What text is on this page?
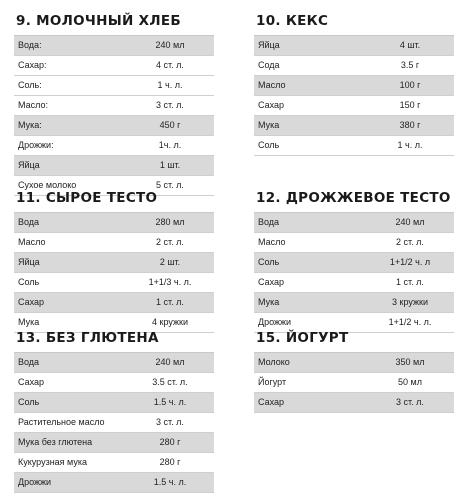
9. МОЛОЧНЫЙ ХЛЕБ
Вода:	240 мл
Сахар:	4 ст. л.
Соль:	1 ч. л.
Масло:	3 ст. л.
Мука:	450 г
Дрожжи:	1ч. л.
Яйца	1 шт.
Сухое молоко	5 ст. л.
10. КЕКС
Яйца	4 шт.
Сода	3.5 г
Масло	100 г
Сахар	150 г
Мука	380 г
Соль	1 ч. л.
11. СЫРОЕ ТЕСТО
Вода	280 мл
Масло	2 ст. л.
Яйца	2 шт.
Соль	1+1/3 ч. л.
Сахар	1 ст. л.
Мука	4 кружки
12. ДРОЖЖЕВОЕ ТЕСТО
Вода	240 мл
Масло	2 ст. л.
Соль	1+1/2 ч. л
Сахар	1 ст. л.
Мука	3 кружки
Дрожжи	1+1/2 ч. л.
13. БЕЗ ГЛЮТЕНА
Вода	240 мл
Сахар	3.5 ст. л.
Соль	1.5 ч. л.
Растительное масло	3 ст. л.
Мука без глютена	280 г
Кукурузная мука	280 г
Дрожжи	1.5 ч. л.
15. ЙОГУРТ
Молоко	350 мл
Йогурт	50 мл
Сахар	3 ст. л.
